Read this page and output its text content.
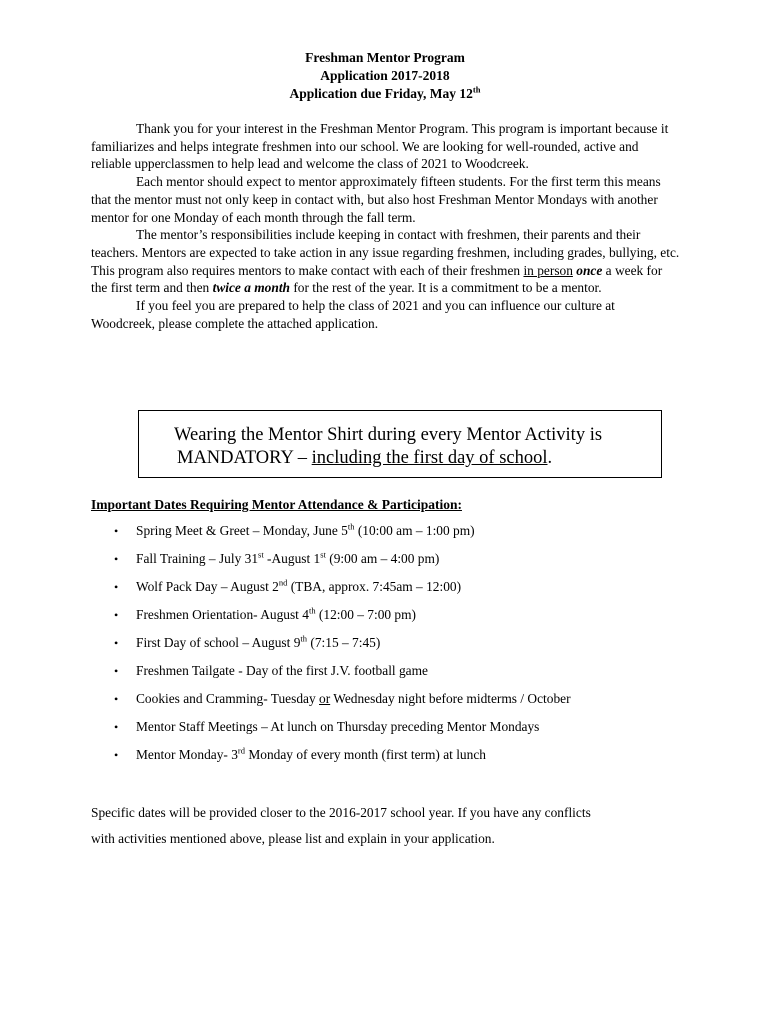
Freshman Mentor Program
Application 2017-2018
Application due Friday, May 12th

Thank you for your interest in the Freshman Mentor Program. This program is important because it familiarizes and helps integrate freshmen into our school. We are looking for well-rounded, active and reliable upperclassmen to help lead and welcome the class of 2021 to Woodcreek.

Each mentor should expect to mentor approximately fifteen students. For the first term this means that the mentor must not only keep in contact with, but also host Freshman Mentor Mondays with another mentor for one Monday of each month through the fall term.

The mentor’s responsibilities include keeping in contact with freshmen, their parents and their teachers. Mentors are expected to take action in any issue regarding freshmen, including grades, bullying, etc. This program also requires mentors to make contact with each of their freshmen in person once a week for the first term and then twice a month for the rest of the year. It is a commitment to be a mentor.

If you feel you are prepared to help the class of 2021 and you can influence our culture at Woodcreek, please complete the attached application.

Wearing the Mentor Shirt during every Mentor Activity is
MANDATORY – including the first day of school.
Important Dates Requiring Mentor Attendance & Participation:
• Spring Meet & Greet – Monday, June 5th (10:00 am – 1:00 pm)
• Fall Training – July 31st -August 1st (9:00 am – 4:00 pm)
• Wolf Pack Day – August 2nd (TBA, approx. 7:45am – 12:00)
• Freshmen Orientation- August 4th (12:00 – 7:00 pm)
• First Day of school – August 9th (7:15 – 7:45)
• Freshmen Tailgate - Day of the first J.V. football game
• Cookies and Cramming- Tuesday or Wednesday night before midterms / October
• Mentor Staff Meetings – At lunch on Thursday preceding Mentor Mondays
• Mentor Monday- 3rd Monday of every month (first term) at lunch

Specific dates will be provided closer to the 2016-2017 school year. If you have any conflicts

with activities mentioned above, please list and explain in your application.
